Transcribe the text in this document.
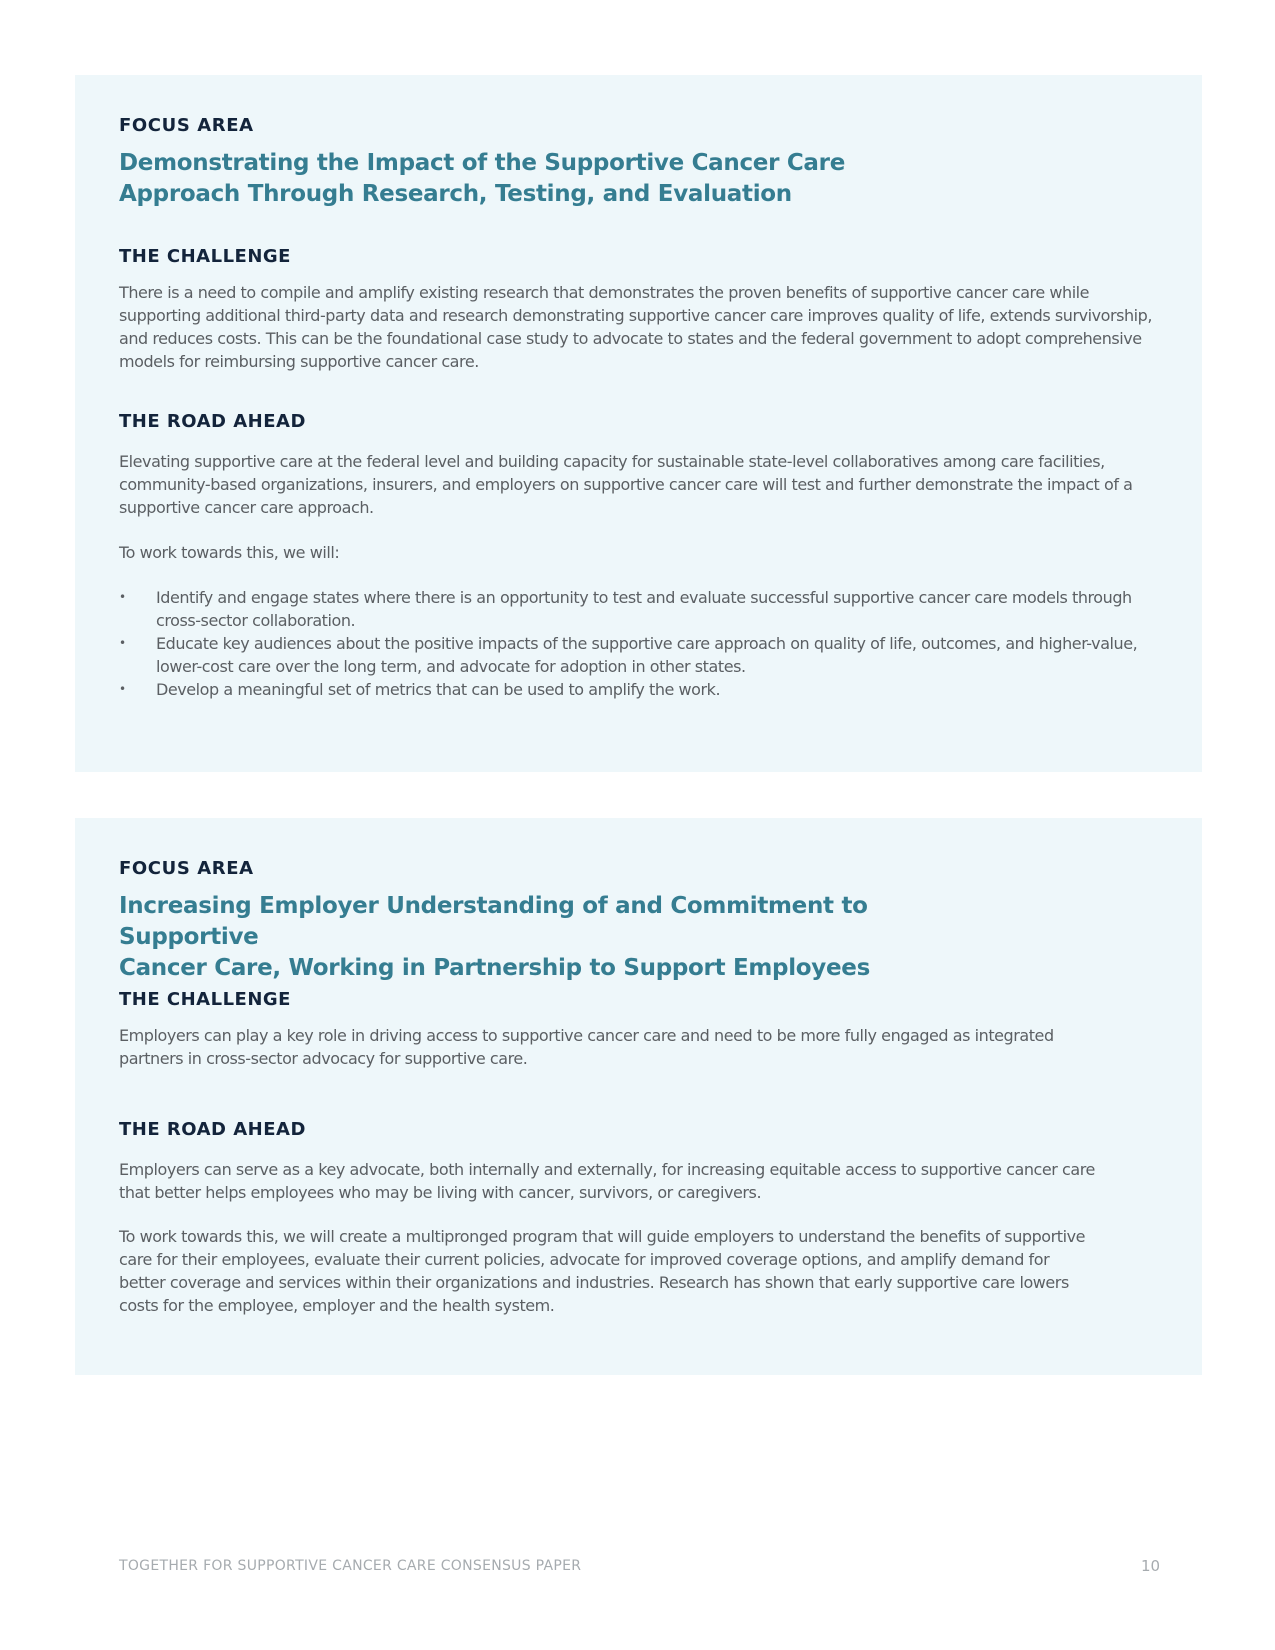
FOCUS AREA

Demonstrating the Impact of the Supportive Cancer Care
Approach Through Research, Testing, and Evaluation
THE CHALLENGE

There is a need to compile and amplify existing research that demonstrates the proven benefits of supportive cancer care while supporting additional third-party data and research demonstrating supportive cancer care improves quality of life, extends survivorship, and reduces costs. This can be the foundational case study to advocate to states and the federal government to adopt comprehensive models for reimbursing supportive cancer care.

THE ROAD AHEAD

Elevating supportive care at the federal level and building capacity for sustainable state-level collaboratives among care facilities, community-based organizations, insurers, and employers on supportive cancer care will test and further demonstrate the impact of a supportive cancer care approach.

To work towards this, we will:

• Identify and engage states where there is an opportunity to test and evaluate successful supportive cancer care models through cross-sector collaboration.
• Educate key audiences about the positive impacts of the supportive care approach on quality of life, outcomes, and higher-value, lower-cost care over the long term, and advocate for adoption in other states.
• Develop a meaningful set of metrics that can be used to amplify the work.

FOCUS AREA

Increasing Employer Understanding of and Commitment to Supportive
Cancer Care, Working in Partnership to Support Employees
THE CHALLENGE

Employers can play a key role in driving access to supportive cancer care and need to be more fully engaged as integrated partners in cross-sector advocacy for supportive care.

THE ROAD AHEAD

Employers can serve as a key advocate, both internally and externally, for increasing equitable access to supportive cancer care that better helps employees who may be living with cancer, survivors, or caregivers.

To work towards this, we will create a multipronged program that will guide employers to understand the benefits of supportive care for their employees, evaluate their current policies, advocate for improved coverage options, and amplify demand for better coverage and services within their organizations and industries. Research has shown that early supportive care lowers costs for the employee, employer and the health system.

TOGETHER FOR SUPPORTIVE CANCER CARE CONSENSUS PAPER	10
